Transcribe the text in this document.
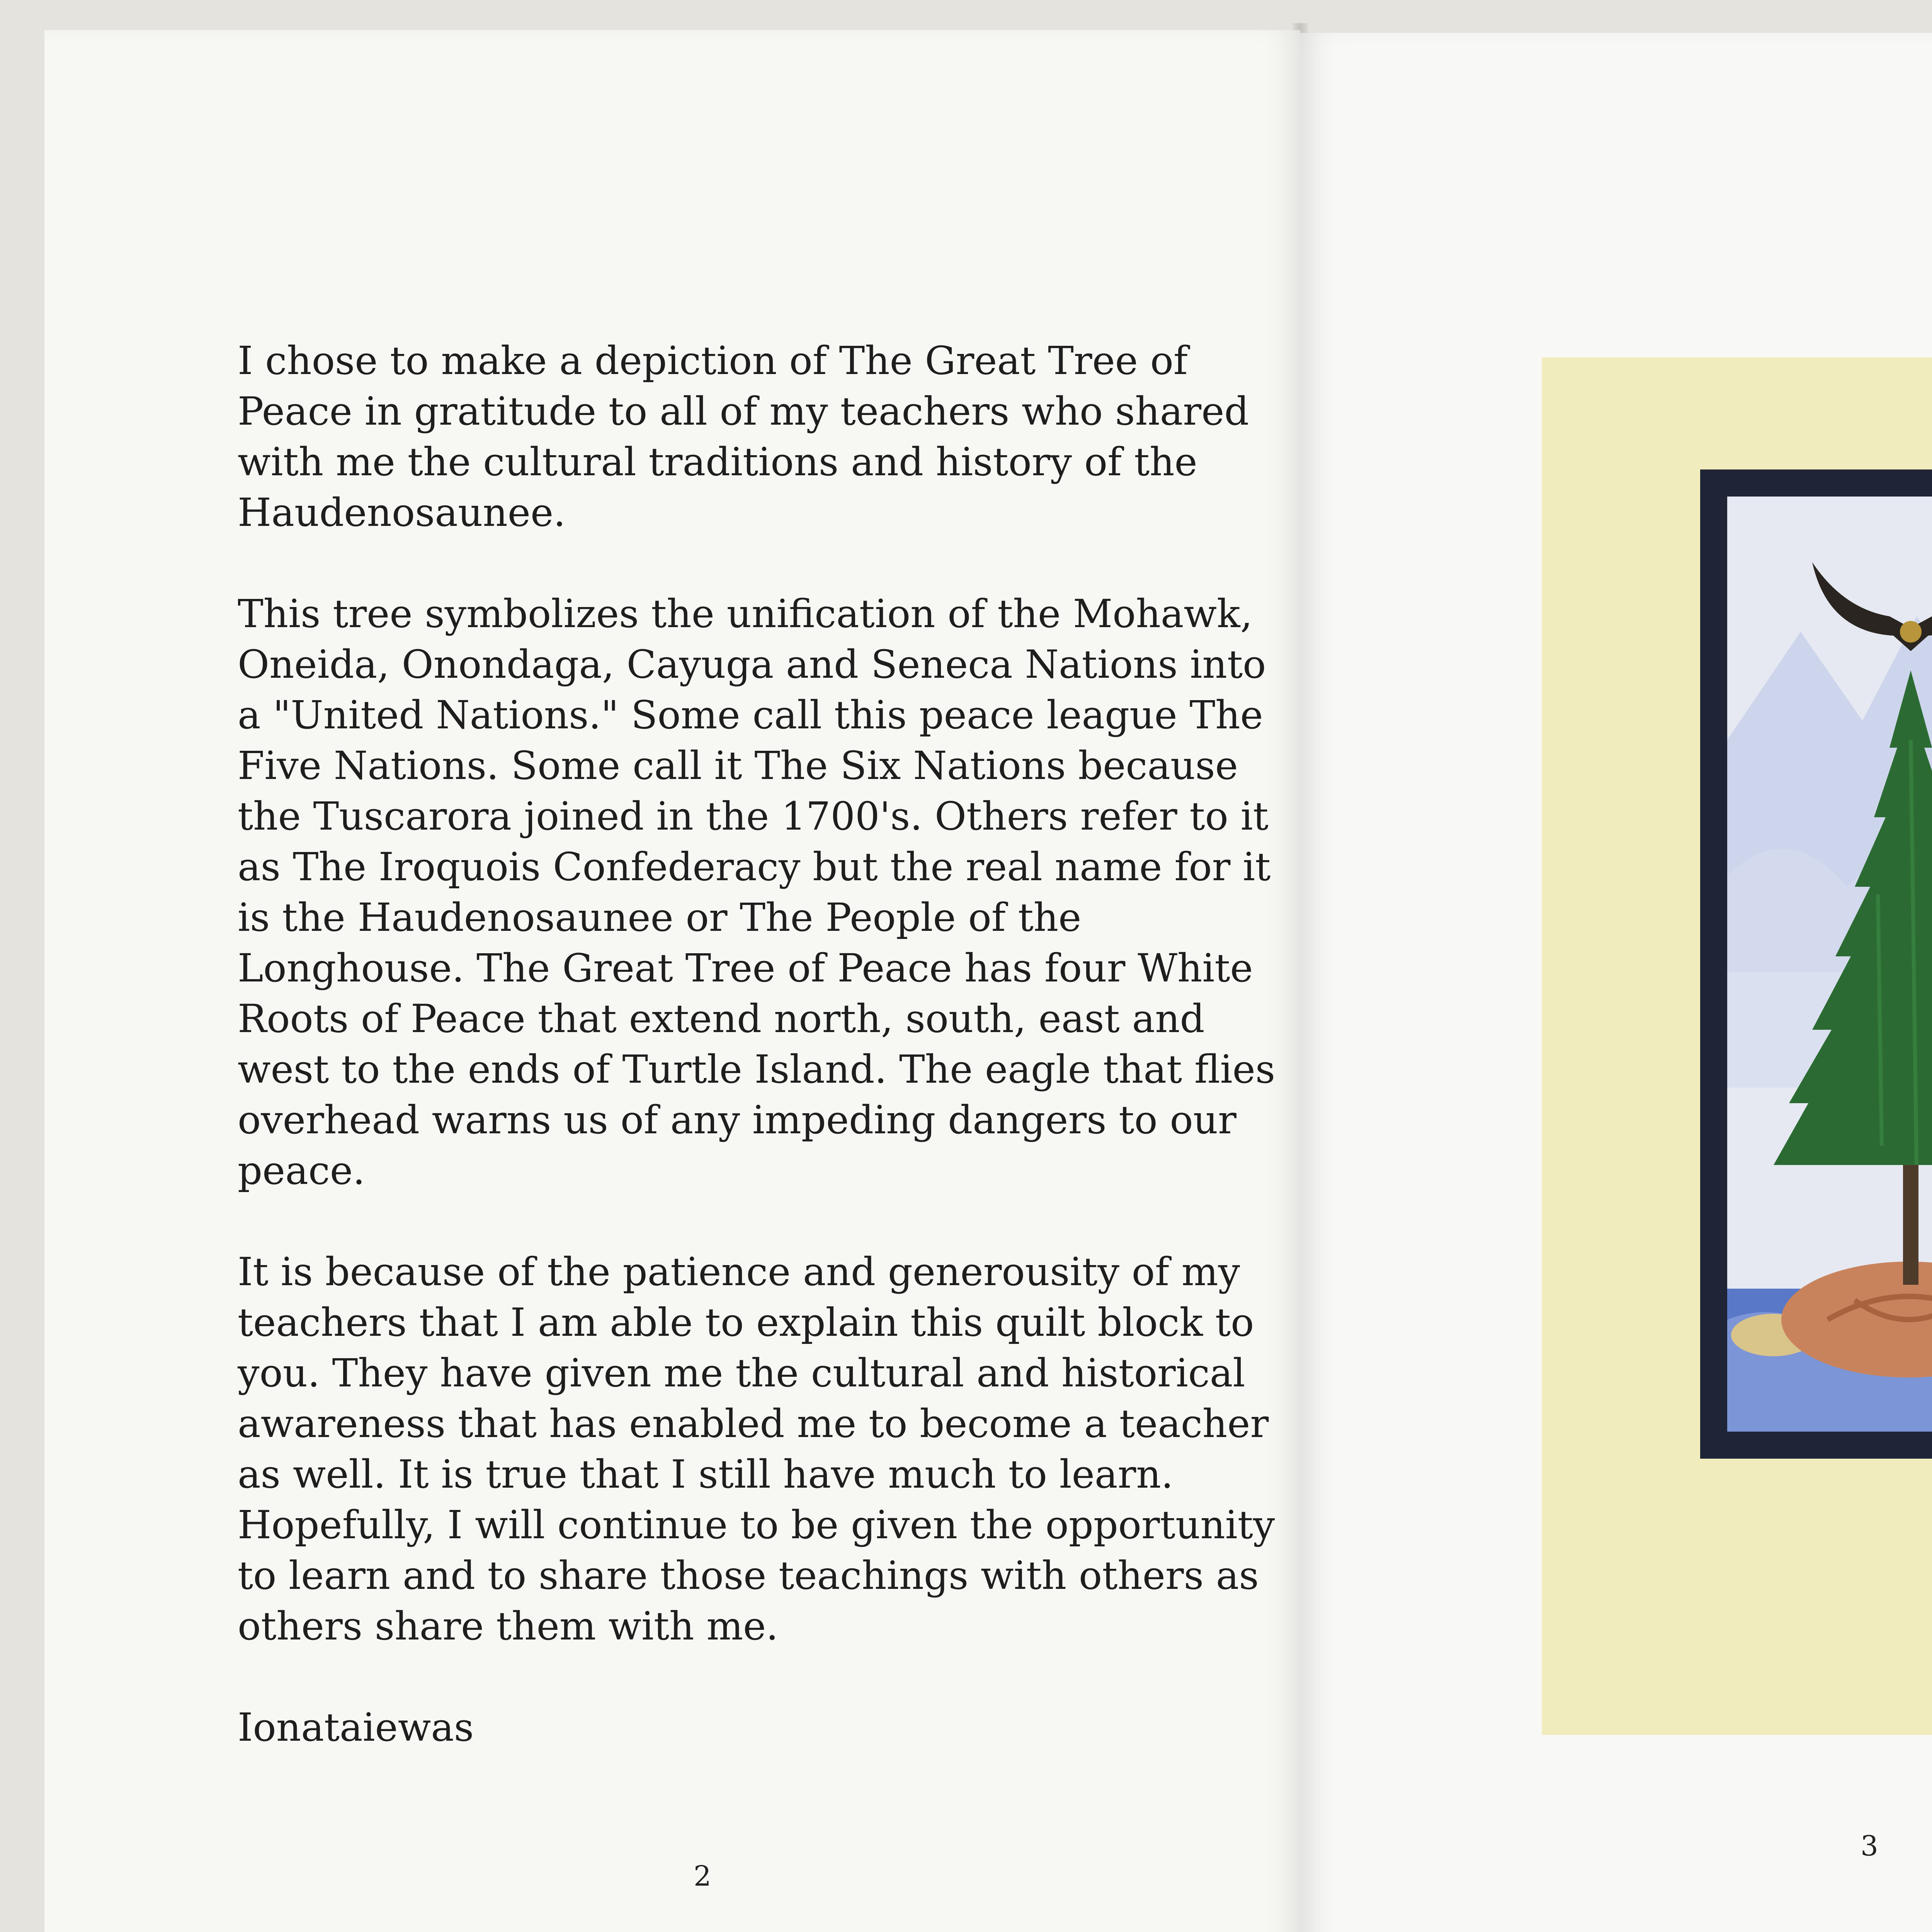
I chose to make a depiction of The Great Tree of Peace in gratitude to all of my teachers who shared with me the cultural traditions and history of the Haudenosaunee.

This tree symbolizes the unification of the Mohawk, Oneida, Onondaga, Cayuga and Seneca Nations into a "United Nations." Some call this peace league The Five Nations. Some call it The Six Nations because the Tuscarora joined in the 1700's. Others refer to it as The Iroquois Confederacy but the real name for it is the Haudenosaunee or The People of the Longhouse. The Great Tree of Peace has four White Roots of Peace that extend north, south, east and west to the ends of Turtle Island. The eagle that flies overhead warns us of any impeding dangers to our peace.

It is because of the patience and generousity of my teachers that I am able to explain this quilt block to you. They have given me the cultural and historical awareness that has enabled me to become a teacher as well. It is true that I still have much to learn. Hopefully, I will continue to be given the opportunity to learn and to share those teachings with others as others share them with me.

Ionataiewas

2
3
